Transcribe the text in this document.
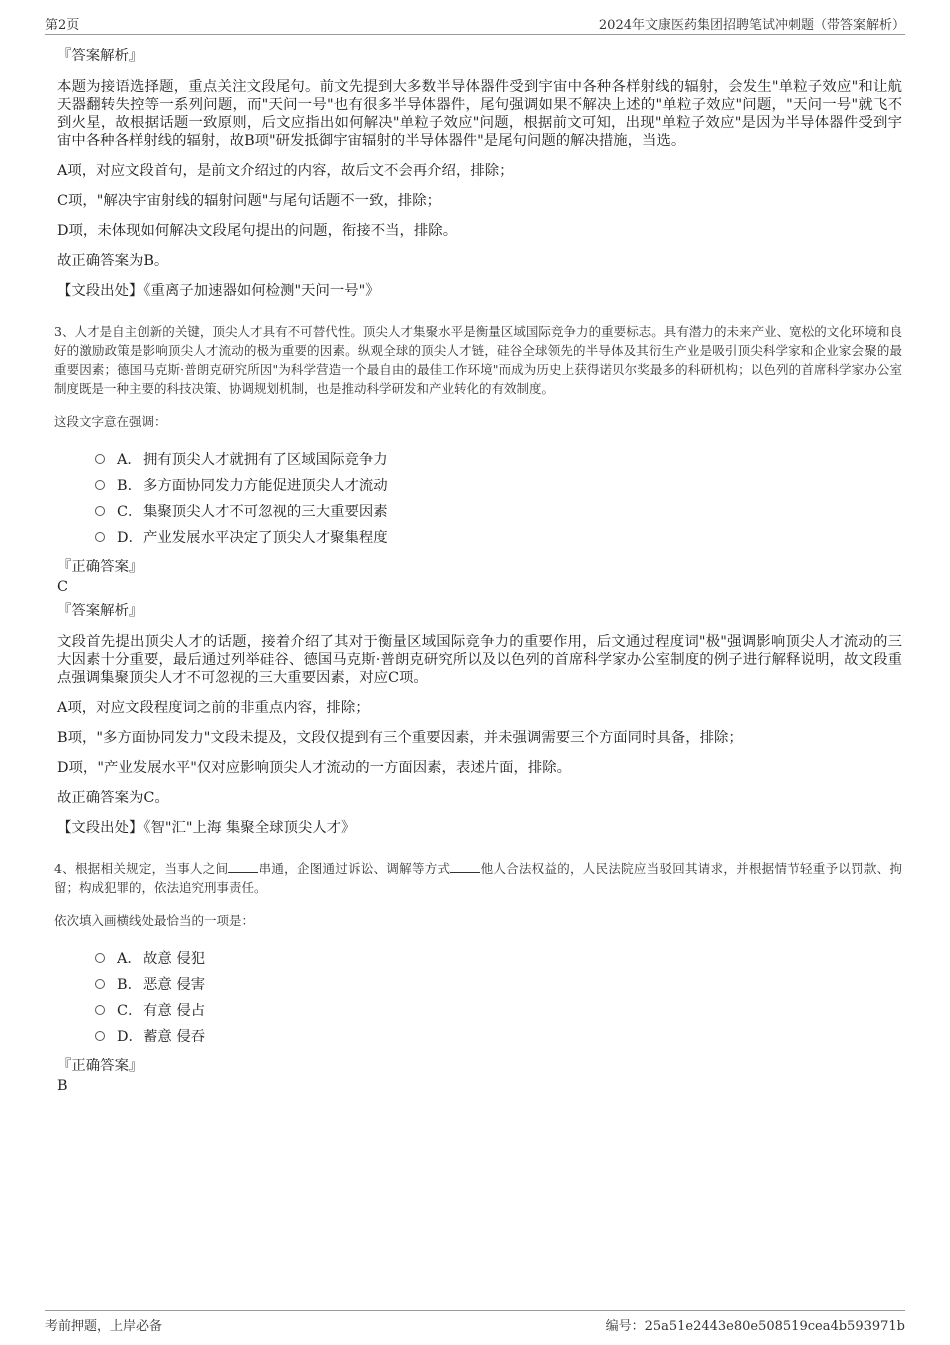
第2页	2024年文康医药集团招聘笔试冲刺题（带答案解析）
『答案解析』

本题为接语选择题，重点关注文段尾句。前文先提到大多数半导体器件受到宇宙中各种各样射线的辐射，会发生"单粒子效应"和让航天器翻转失控等一系列问题，而"天问一号"也有很多半导体器件，尾句强调如果不解决上述的"单粒子效应"问题，"天问一号"就飞不到火星，故根据话题一致原则，后文应指出如何解决"单粒子效应"问题，根据前文可知，出现"单粒子效应"是因为半导体器件受到宇宙中各种各样射线的辐射，故B项"研发抵御宇宙辐射的半导体器件"是尾句问题的解决措施，当选。

A项，对应文段首句，是前文介绍过的内容，故后文不会再介绍，排除；

C项，"解决宇宙射线的辐射问题"与尾句话题不一致，排除；

D项，未体现如何解决文段尾句提出的问题，衔接不当，排除。

故正确答案为B。

【文段出处】《重离子加速器如何检测"天问一号"》

3、人才是自主创新的关键，顶尖人才具有不可替代性。顶尖人才集聚水平是衡量区域国际竞争力的重要标志。具有潜力的未来产业、宽松的文化环境和良好的激励政策是影响顶尖人才流动的极为重要的因素。纵观全球的顶尖人才链，硅谷全球领先的半导体及其衍生产业是吸引顶尖科学家和企业家会聚的最重要因素；德国马克斯·普朗克研究所因"为科学营造一个最自由的最佳工作环境"而成为历史上获得诺贝尔奖最多的科研机构；以色列的首席科学家办公室制度既是一种主要的科技决策、协调规划机制，也是推动科学研发和产业转化的有效制度。

这段文字意在强调：

A．拥有顶尖人才就拥有了区域国际竞争力
B．多方面协同发力方能促进顶尖人才流动
C．集聚顶尖人才不可忽视的三大重要因素
D．产业发展水平决定了顶尖人才聚集程度
『正确答案』
C
『答案解析』

文段首先提出顶尖人才的话题，接着介绍了其对于衡量区域国际竞争力的重要作用，后文通过程度词"极"强调影响顶尖人才流动的三大因素十分重要，最后通过列举硅谷、德国马克斯·普朗克研究所以及以色列的首席科学家办公室制度的例子进行解释说明，故文段重点强调集聚顶尖人才不可忽视的三大重要因素，对应C项。

A项，对应文段程度词之前的非重点内容，排除；

B项，"多方面协同发力"文段未提及，文段仅提到有三个重要因素，并未强调需要三个方面同时具备，排除；

D项，"产业发展水平"仅对应影响顶尖人才流动的一方面因素，表述片面，排除。

故正确答案为C。

【文段出处】《智"汇"上海 集聚全球顶尖人才》

4、根据相关规定，当事人之间 串通，企图通过诉讼、调解等方式 他人合法权益的，人民法院应当驳回其请求，并根据情节轻重予以罚款、拘留；构成犯罪的，依法追究刑事责任。

依次填入画横线处最恰当的一项是：

A．故意 侵犯
B．恶意 侵害
C．有意 侵占
D．蓄意 侵吞
『正确答案』
B
考前押题，上岸必备	编号：25a51e2443e80e508519cea4b593971b
